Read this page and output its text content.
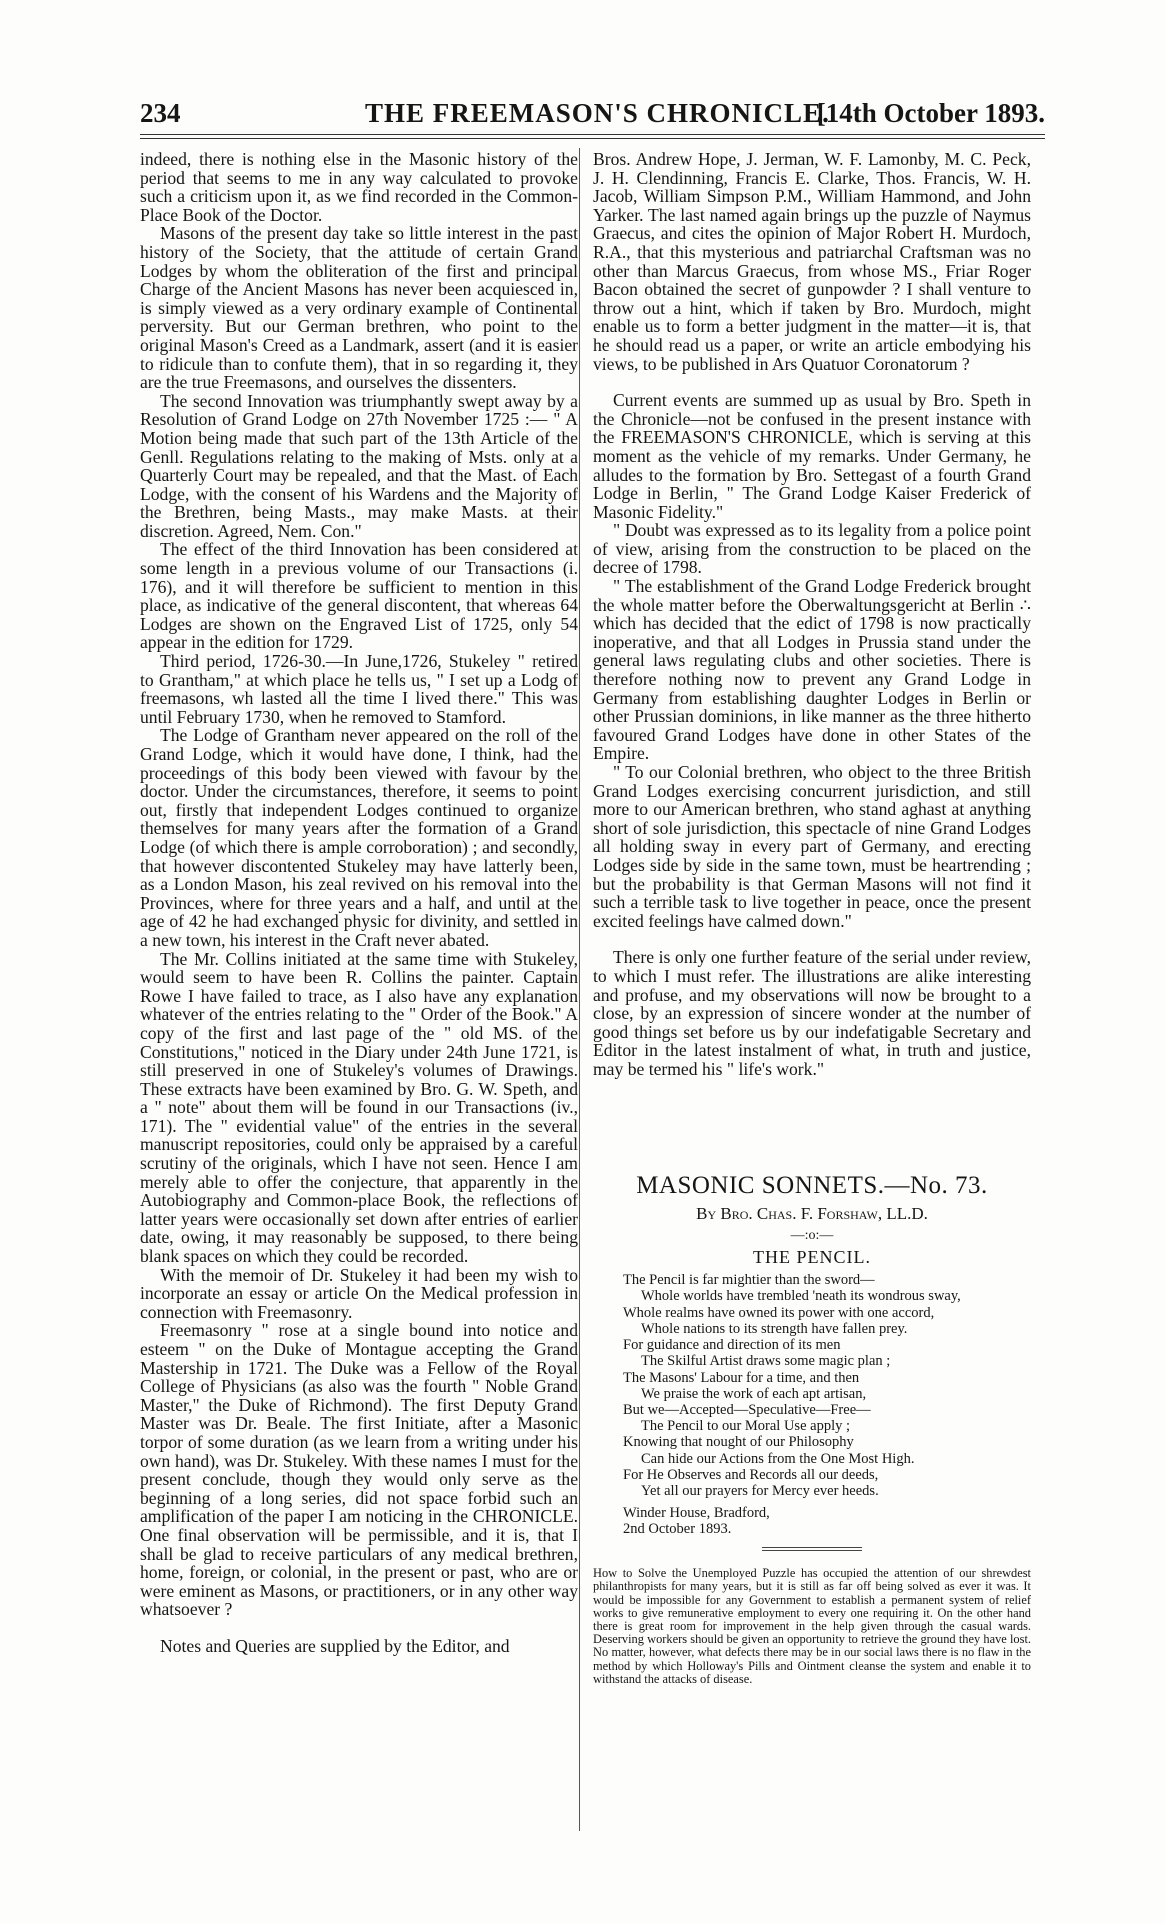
234	THE FREEMASON'S CHRONICLE.
[14th October 1893.

indeed, there is nothing else in the Masonic history of the period that seems to me in any way calculated to provoke such a criticism upon it, as we find recorded in the Common-Place Book of the Doctor.

Masons of the present day take so little interest in the past history of the Society, that the attitude of certain Grand Lodges by whom the obliteration of the first and principal Charge of the Ancient Masons has never been acquiesced in, is simply viewed as a very ordinary example of Continental perversity. But our German brethren, who point to the original Mason's Creed as a Landmark, assert (and it is easier to ridicule than to confute them), that in so regarding it, they are the true Freemasons, and ourselves the dissenters.

The second Innovation was triumphantly swept away by a Resolution of Grand Lodge on 27th November 1725 :— " A Motion being made that such part of the 13th Article of the Genll. Regulations relating to the making of Msts. only at a Quarterly Court may be repealed, and that the Mast. of Each Lodge, with the consent of his Wardens and the Majority of the Brethren, being Masts., may make Masts. at their discretion. Agreed, Nem. Con."

The effect of the third Innovation has been considered at some length in a previous volume of our Transactions (i. 176), and it will therefore be sufficient to mention in this place, as indicative of the general discontent, that whereas 64 Lodges are shown on the Engraved List of 1725, only 54 appear in the edition for 1729.

Third period, 1726-30.—In June,1726, Stukeley " retired to Grantham," at which place he tells us, " I set up a Lodg of freemasons, wh lasted all the time I lived there." This was until February 1730, when he removed to Stamford.

The Lodge of Grantham never appeared on the roll of the Grand Lodge, which it would have done, I think, had the proceedings of this body been viewed with favour by the doctor. Under the circumstances, therefore, it seems to point out, firstly that independent Lodges continued to organize themselves for many years after the formation of a Grand Lodge (of which there is ample corroboration) ; and secondly, that however discontented Stukeley may have latterly been, as a London Mason, his zeal revived on his removal into the Provinces, where for three years and a half, and until at the age of 42 he had exchanged physic for divinity, and settled in a new town, his interest in the Craft never abated.

The Mr. Collins initiated at the same time with Stukeley, would seem to have been R. Collins the painter. Captain Rowe I have failed to trace, as I also have any explanation whatever of the entries relating to the " Order of the Book." A copy of the first and last page of the " old MS. of the Constitutions," noticed in the Diary under 24th June 1721, is still preserved in one of Stukeley's volumes of Drawings. These extracts have been examined by Bro. G. W. Speth, and a " note" about them will be found in our Transactions (iv., 171). The " evidential value" of the entries in the several manuscript repositories, could only be appraised by a careful scrutiny of the originals, which I have not seen. Hence I am merely able to offer the conjecture, that apparently in the Autobiography and Common-place Book, the reflections of latter years were occasionally set down after entries of earlier date, owing, it may reasonably be supposed, to there being blank spaces on which they could be recorded.

With the memoir of Dr. Stukeley it had been my wish to incorporate an essay or article On the Medical profession in connection with Freemasonry.

Freemasonry " rose at a single bound into notice and esteem " on the Duke of Montague accepting the Grand Mastership in 1721. The Duke was a Fellow of the Royal College of Physicians (as also was the fourth " Noble Grand Master," the Duke of Richmond). The first Deputy Grand Master was Dr. Beale. The first Initiate, after a Masonic torpor of some duration (as we learn from a writing under his own hand), was Dr. Stukeley. With these names I must for the present conclude, though they would only serve as the beginning of a long series, did not space forbid such an amplification of the paper I am noticing in the CHRONICLE. One final observation will be permissible, and it is, that I shall be glad to receive particulars of any medical brethren, home, foreign, or colonial, in the present or past, who are or were eminent as Masons, or practitioners, or in any other way whatsoever ?

Notes and Queries are supplied by the Editor, and

Bros. Andrew Hope, J. Jerman, W. F. Lamonby, M. C. Peck, J. H. Clendinning, Francis E. Clarke, Thos. Francis, W. H. Jacob, William Simpson P.M., William Hammond, and John Yarker. The last named again brings up the puzzle of Naymus Graecus, and cites the opinion of Major Robert H. Murdoch, R.A., that this mysterious and patriarchal Craftsman was no other than Marcus Graecus, from whose MS., Friar Roger Bacon obtained the secret of gunpowder ? I shall venture to throw out a hint, which if taken by Bro. Murdoch, might enable us to form a better judgment in the matter—it is, that he should read us a paper, or write an article embodying his views, to be published in Ars Quatuor Coronatorum ?

Current events are summed up as usual by Bro. Speth in the Chronicle—not be confused in the present instance with the FREEMASON'S CHRONICLE, which is serving at this moment as the vehicle of my remarks. Under Germany, he alludes to the formation by Bro. Settegast of a fourth Grand Lodge in Berlin, " The Grand Lodge Kaiser Frederick of Masonic Fidelity."

" Doubt was expressed as to its legality from a police point of view, arising from the construction to be placed on the decree of 1798.

" The establishment of the Grand Lodge Frederick brought the whole matter before the Oberwaltungsgericht at Berlin ∴ which has decided that the edict of 1798 is now practically inoperative, and that all Lodges in Prussia stand under the general laws regulating clubs and other societies. There is therefore nothing now to prevent any Grand Lodge in Germany from establishing daughter Lodges in Berlin or other Prussian dominions, in like manner as the three hitherto favoured Grand Lodges have done in other States of the Empire.

" To our Colonial brethren, who object to the three British Grand Lodges exercising concurrent jurisdiction, and still more to our American brethren, who stand aghast at anything short of sole jurisdiction, this spectacle of nine Grand Lodges all holding sway in every part of Germany, and erecting Lodges side by side in the same town, must be heartrending ; but the probability is that German Masons will not find it such a terrible task to live together in peace, once the present excited feelings have calmed down."

There is only one further feature of the serial under review, to which I must refer. The illustrations are alike interesting and profuse, and my observations will now be brought to a close, by an expression of sincere wonder at the number of good things set before us by our indefatigable Secretary and Editor in the latest instalment of what, in truth and justice, may be termed his " life's work."

MASONIC SONNETS.—No. 73.
By Bro. Chas. F. Forshaw, LL.D.
—:o:—
THE PENCIL.
The Pencil is far mightier than the sword—
Whole worlds have trembled 'neath its wondrous sway,
Whole realms have owned its power with one accord,
Whole nations to its strength have fallen prey.
For guidance and direction of its men
The Skilful Artist draws some magic plan ;
The Masons' Labour for a time, and then
We praise the work of each apt artisan,
But we—Accepted—Speculative—Free—
The Pencil to our Moral Use apply ;
Knowing that nought of our Philosophy
Can hide our Actions from the One Most High.
For He Observes and Records all our deeds,
Yet all our prayers for Mercy ever heeds.
Winder House, Bradford,
2nd October 1893.
How to Solve the Unemployed Puzzle has occupied the attention of our shrewdest philanthropists for many years, but it is still as far off being solved as ever it was. It would be impossible for any Government to establish a permanent system of relief works to give remunerative employment to every one requiring it. On the other hand there is great room for improvement in the help given through the casual wards. Deserving workers should be given an opportunity to retrieve the ground they have lost. No matter, however, what defects there may be in our social laws there is no flaw in the method by which Holloway's Pills and Ointment cleanse the system and enable it to withstand the attacks of disease.
